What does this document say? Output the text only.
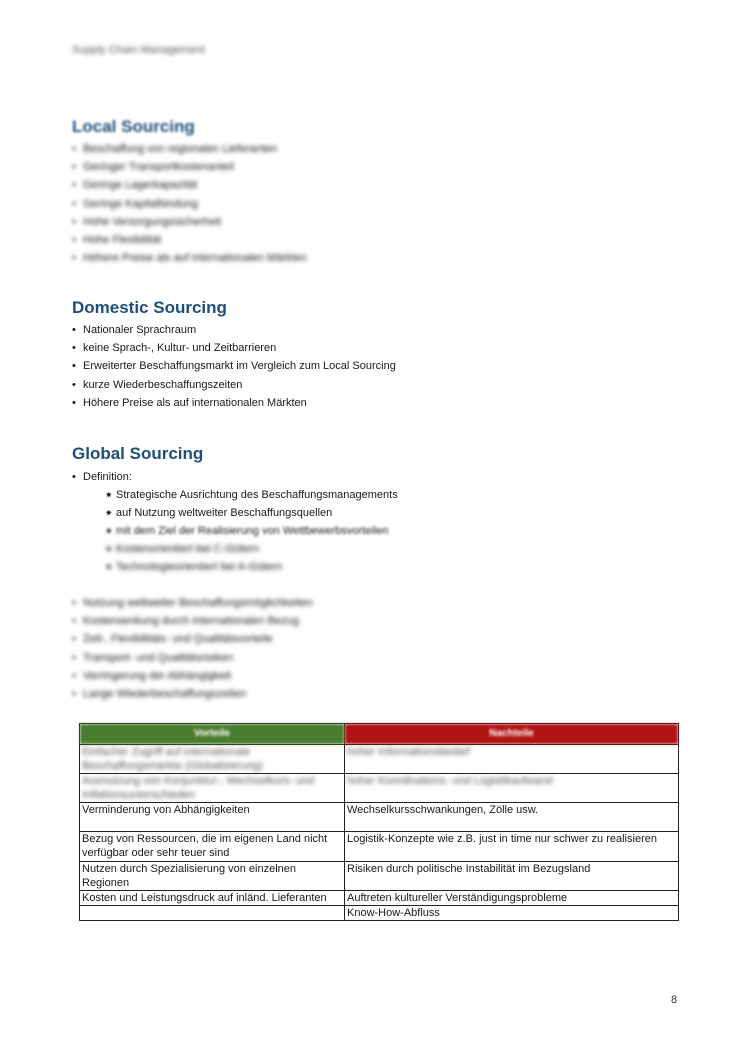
Supply Chain Management
Local Sourcing
• Beschaffung von regionalen Lieferanten
• Geringer Transportkostenanteil
• Geringe Lagerkapazität
• Geringe Kapitalbindung
• Hohe Versorgungssicherheit
• Hohe Flexibilität
• Höhere Preise als auf internationalen Märkten
Domestic Sourcing
• Nationaler Sprachraum
• keine Sprach-, Kultur- und Zeitbarrieren
• Erweiterter Beschaffungsmarkt im Vergleich zum Local Sourcing
• kurze Wiederbeschaffungszeiten
• Höhere Preise als auf internationalen Märkten
Global Sourcing
• Definition:
✷ Strategische Ausrichtung des Beschaffungsmanagements
✷ auf Nutzung weltweiter Beschaffungsquellen
✷ mit dem Ziel der Realisierung von Wettbewerbsvorteilen
✷ Kostenorientiert bei C-Gütern
✷ Technologieorientiert bei A-Gütern
• Nutzung weltweiter Beschaffungsmöglichkeiten
• Kostensenkung durch internationalen Bezug
• Zeit-, Flexibilitäts- und Qualitätsvorteile
• Transport- und Qualitätsrisiken
• Verringerung der Abhängigkeit
• Lange Wiederbeschaffungszeiten
Vorteile	Nachteile
Einfacher Zugriff auf internationale Beschaffungsmärkte (Globalisierung)	hoher Informationsbedarf
Ausnutzung von Konjunktur-, Wechselkurs- und Inflationsunterschieden	hoher Koordinations- und Logistikaufwand
Verminderung von Abhängigkeiten	Wechselkursschwankungen, Zölle usw.
Bezug von Ressourcen, die im eigenen Land nicht verfügbar oder sehr teuer sind	Logistik-Konzepte wie z.B. just in time nur schwer zu realisieren
Nutzen durch Spezialisierung von einzelnen Regionen	Risiken durch politische Instabilität im Bezugsland
Kosten und Leistungsdruck auf inländ. Lieferanten	Auftreten kultureller Verständigungsprobleme
	Know-How-Abfluss
8
